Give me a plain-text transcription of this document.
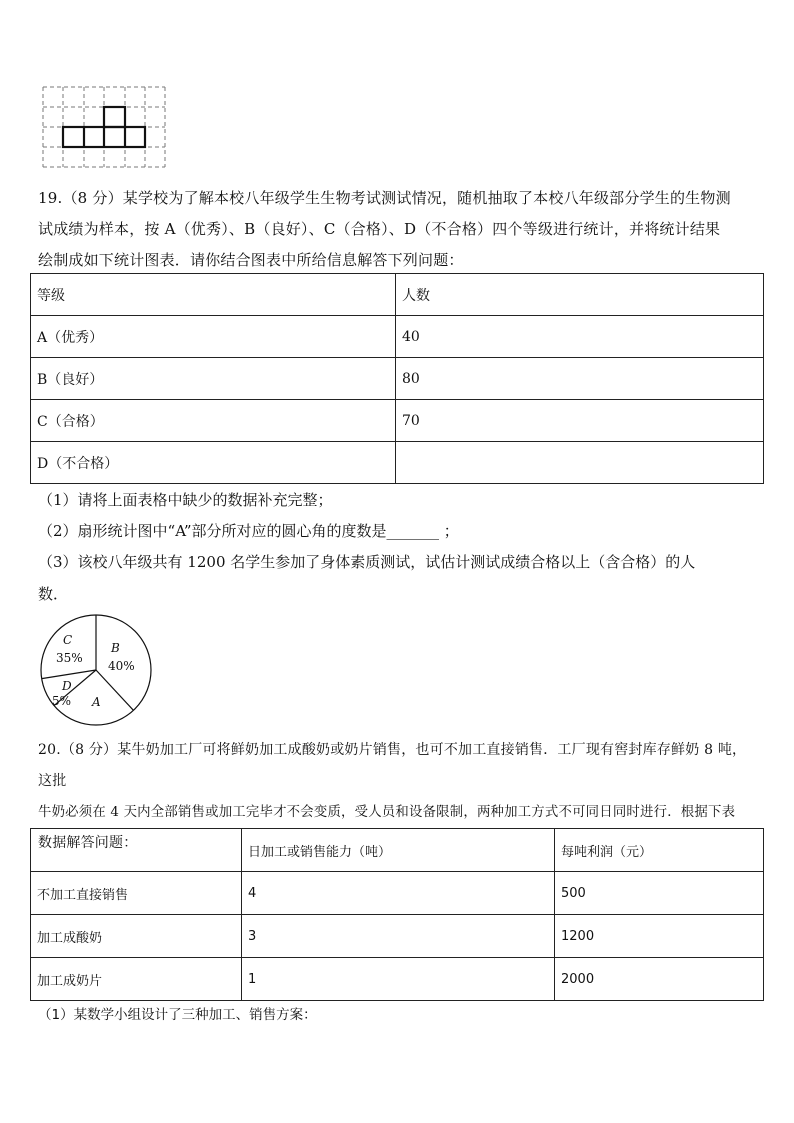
19.（8 分）某学校为了解本校八年级学生生物考试测试情况，随机抽取了本校八年级部分学生的生物测
试成绩为样本，按 A（优秀）、B（良好）、C（合格）、D（不合格）四个等级进行统计，并将统计结果
绘制成如下统计图表．请你结合图表中所给信息解答下列问题：
等级	人数
A（优秀）	40
B（良好）	80
C（合格）	70
D（不合格）	
（1）请将上面表格中缺少的数据补充完整；
（2）扇形统计图中“A”部分所对应的圆心角的度数是_______ ；
（3）该校八年级共有 1200 名学生参加了身体素质测试，试估计测试成绩合格以上（含合格）的人
数．
C
35%
B
40%
D
5% A
20.（8 分）某牛奶加工厂可将鲜奶加工成酸奶或奶片销售，也可不加工直接销售．工厂现有窖封库存鲜奶 8 吨，这批
牛奶必须在 4 天内全部销售或加工完毕才不会变质，受人员和设备限制，两种加工方式不可同日同时进行．根据下表
数据解答问题：
	日加工或销售能力（吨）	每吨利润（元）
不加工直接销售	4	500
加工成酸奶	3	1200
加工成奶片	1	2000
（1）某数学小组设计了三种加工、销售方案：
